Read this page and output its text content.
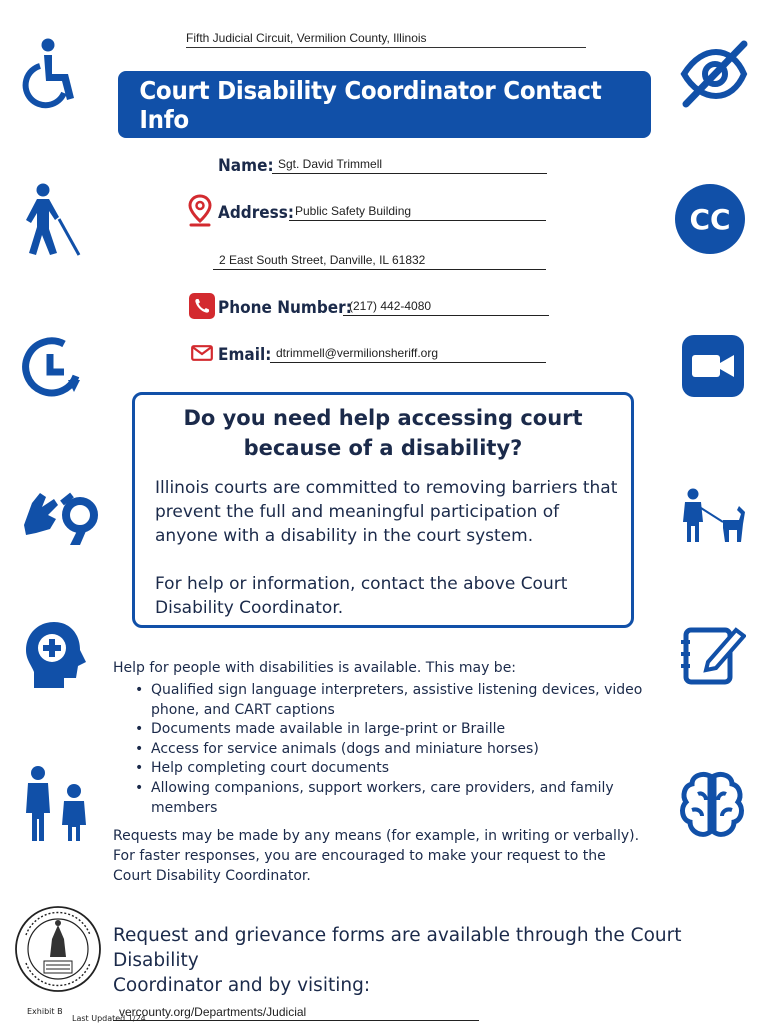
Fifth Judicial Circuit, Vermilion County, Illinois
Court Disability Coordinator Contact Info
Name: Sgt. David Trimmell
Address: Public Safety Building
2 East South Street, Danville, IL 61832
Phone Number:
(217) 442-4080
Email: dtrimmell@vermilionsheriff.org
Do you need help accessing court because of a disability?
Illinois courts are committed to removing barriers that prevent the full and meaningful participation of anyone with a disability in the court system.
For help or information, contact the above Court Disability Coordinator.
Help for people with disabilities is available. This may be:
• Qualified sign language interpreters, assistive listening devices, video phone, and CART captions
• Documents made available in large-print or Braille
• Access for service animals (dogs and miniature horses)
• Help completing court documents
• Allowing companions, support workers, care providers, and family members
Requests may be made by any means (for example, in writing or verbally).
For faster responses, you are encouraged to make your request to the
Court Disability Coordinator.
Request and grievance forms are available through the Court Disability
Coordinator and by visiting: vercounty.org/Departments/Judicial
Exhibit B
Last Updated 1/24
CC
